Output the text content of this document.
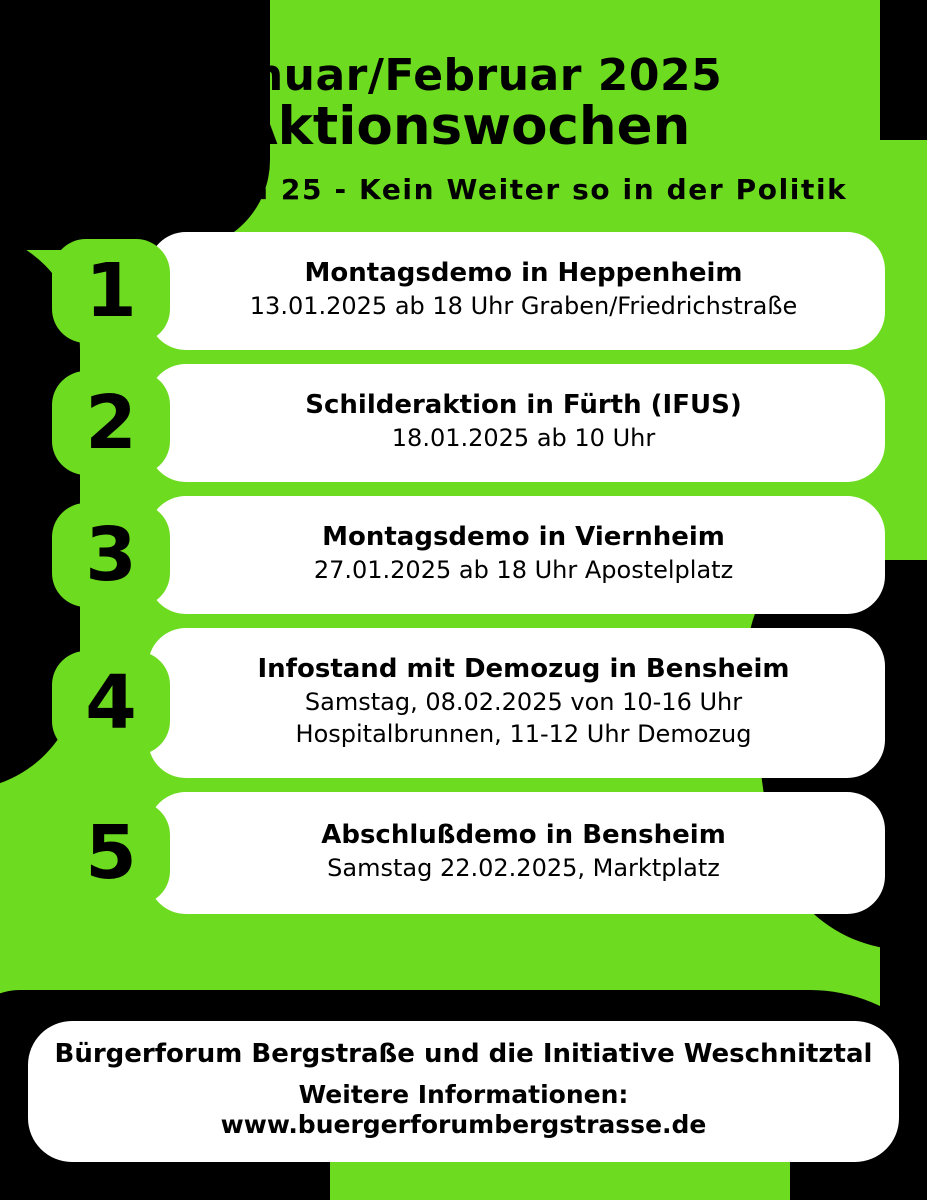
Januar/Februar 2025
Aktionswochen
Neuwahlen 25 - Kein Weiter so in der Politik
1	Montagsdemo in Heppenheim
13.01.2025 ab 18 Uhr Graben/Friedrichstraße
2	Schilderaktion in Fürth (IFUS)
18.01.2025 ab 10 Uhr
3	Montagsdemo in Viernheim
27.01.2025 ab 18 Uhr Apostelplatz
4	Infostand mit Demozug in Bensheim
Samstag, 08.02.2025 von 10-16 Uhr
Hospitalbrunnen, 11-12 Uhr Demozug
5	Abschlußdemo in Bensheim
Samstag 22.02.2025, Marktplatz
Bürgerforum Bergstraße und die Initiative Weschnitztal
Weitere Informationen: www.buergerforumbergstrasse.de
